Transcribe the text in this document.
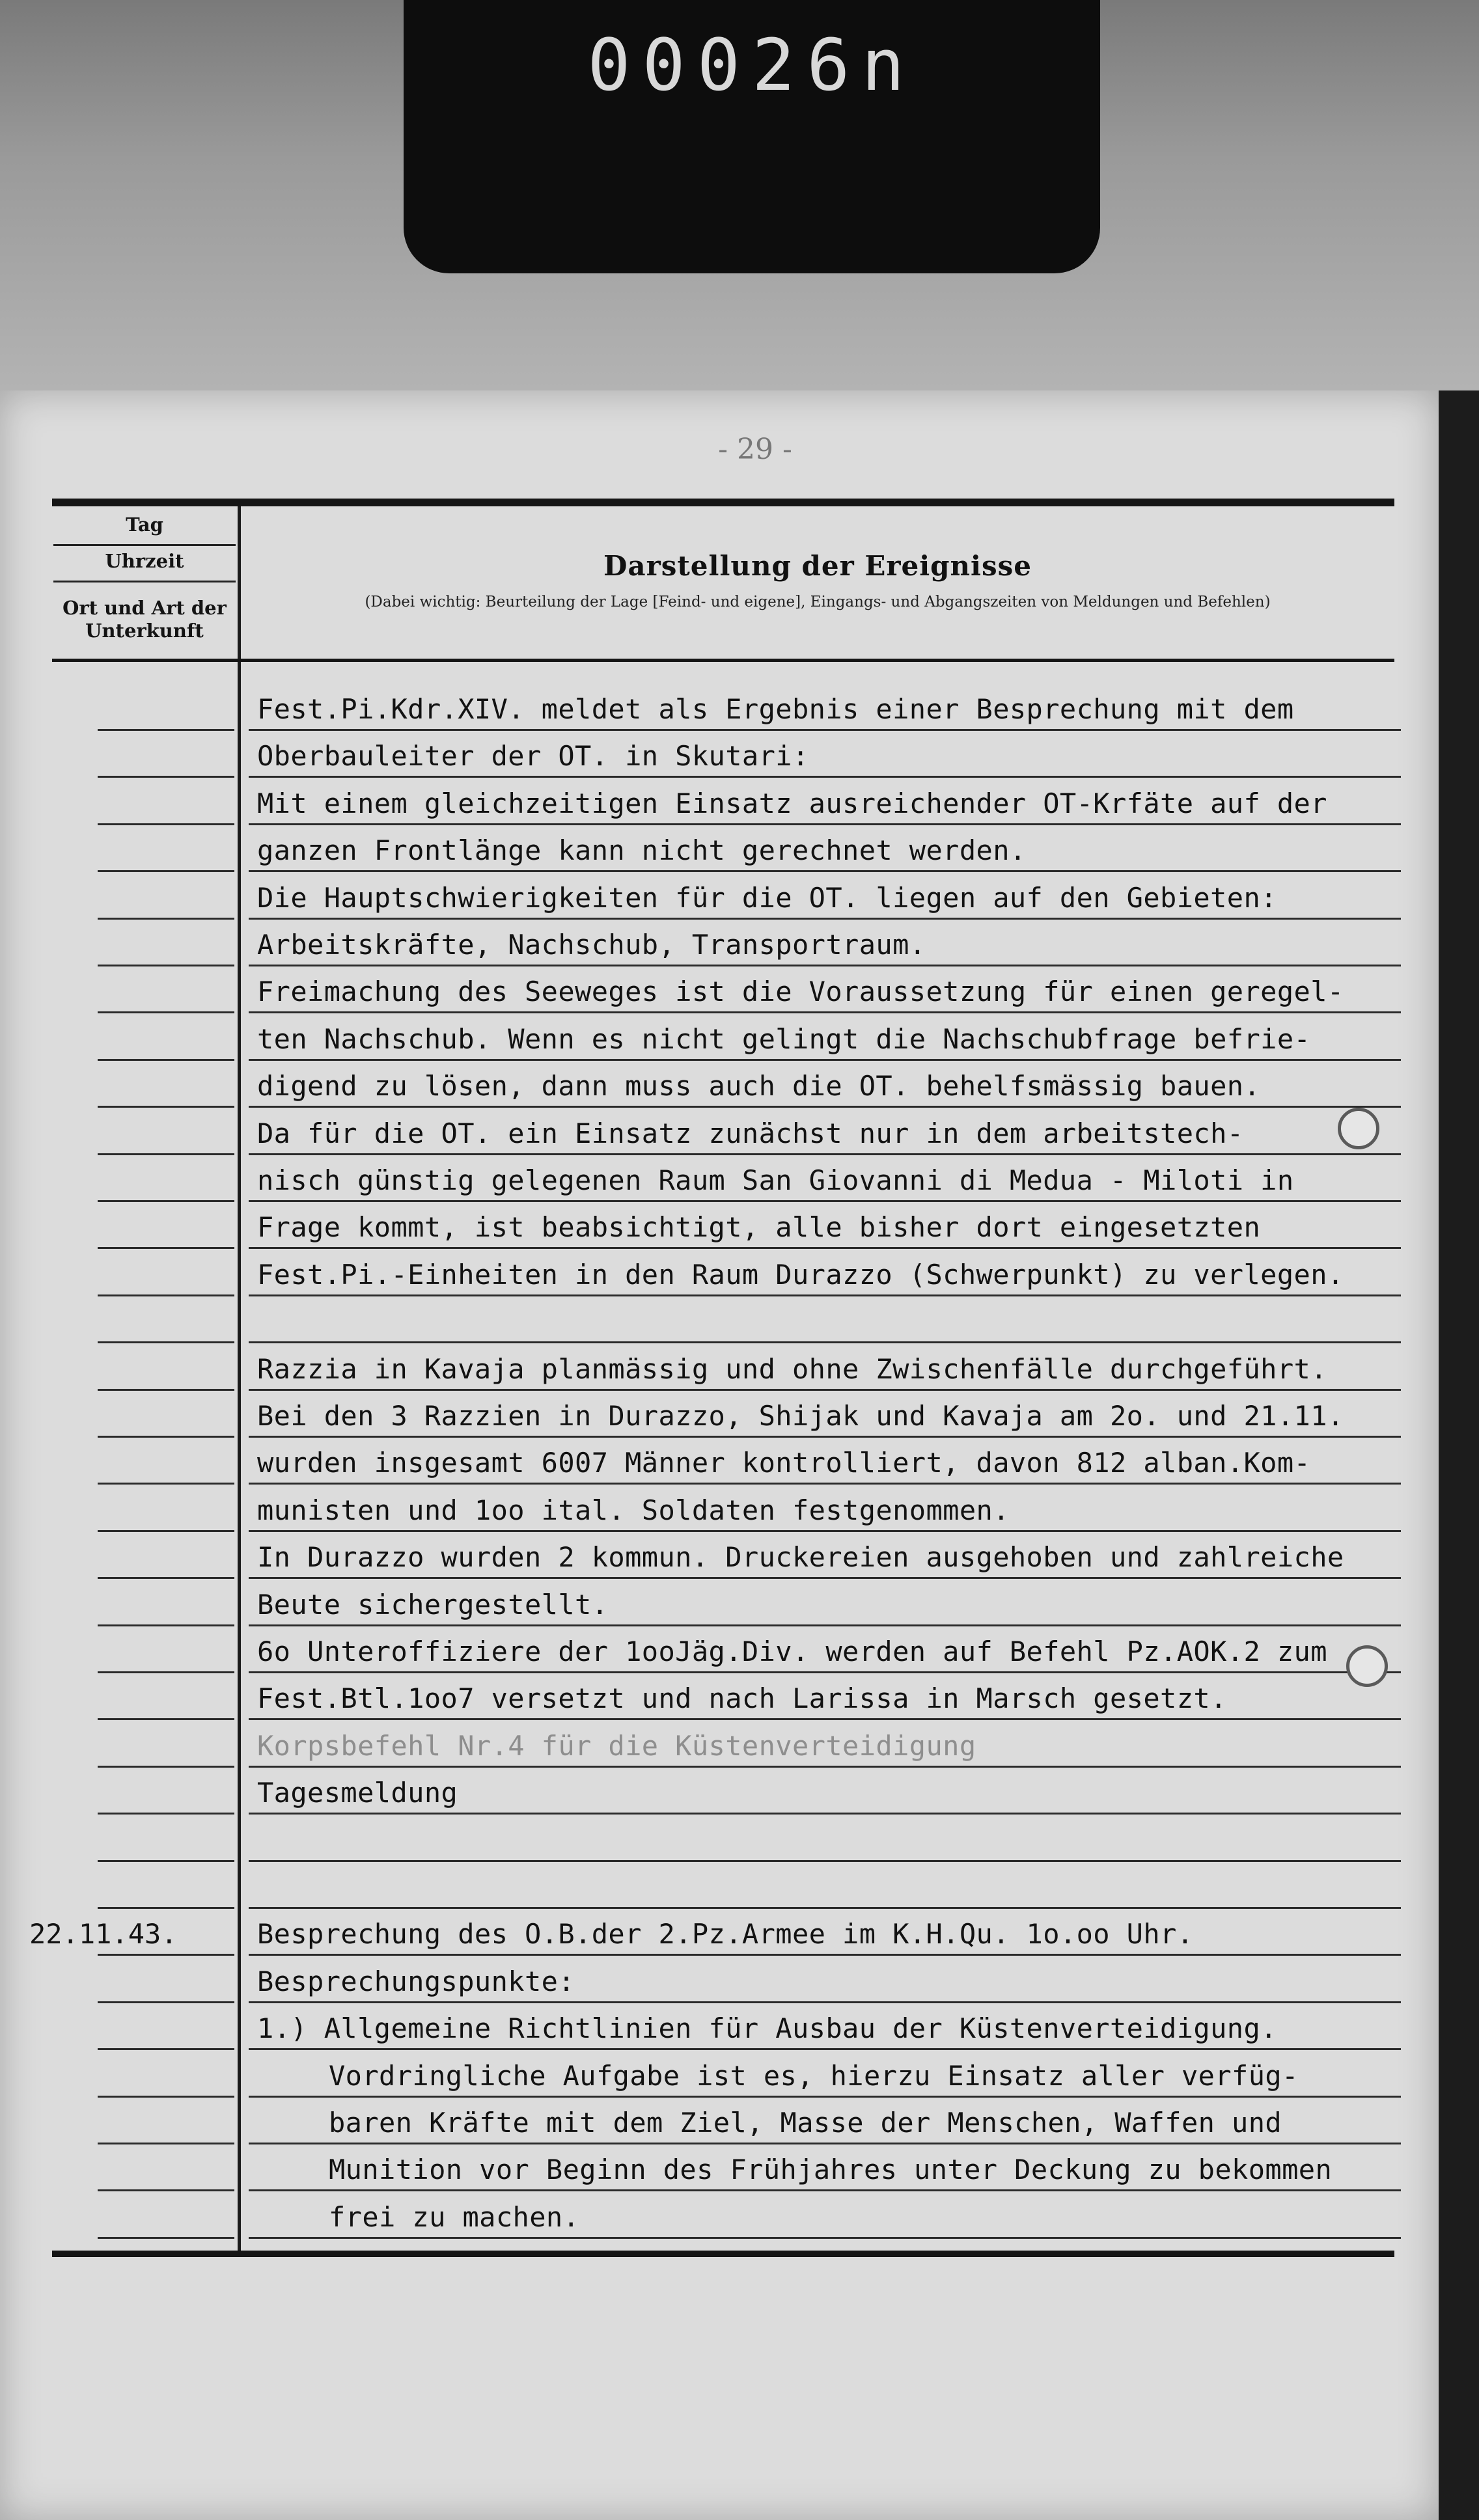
00026n
- 29 -
Tag
Uhrzeit
Ort und Art der
Unterkunft
Darstellung der Ereignisse
(Dabei wichtig: Beurteilung der Lage [Feind- und eigene], Eingangs- und Abgangszeiten von Meldungen und Befehlen)
Fest.Pi.Kdr.XIV. meldet als Ergebnis einer Besprechung mit dem
Oberbauleiter der OT. in Skutari:
Mit einem gleichzeitigen Einsatz ausreichender OT-Krfäte auf der
ganzen Frontlänge kann nicht gerechnet werden.
Die Hauptschwierigkeiten für die OT. liegen auf den Gebieten:
Arbeitskräfte, Nachschub, Transportraum.
Freimachung des Seeweges ist die Voraussetzung für einen geregel-
ten Nachschub. Wenn es nicht gelingt die Nachschubfrage befrie-
digend zu lösen, dann muss auch die OT. behelfsmässig bauen.
Da für die OT. ein Einsatz zunächst nur in dem arbeitstech-
nisch günstig gelegenen Raum San Giovanni di Medua - Miloti in
Frage kommt, ist beabsichtigt, alle bisher dort eingesetzten
Fest.Pi.-Einheiten in den Raum Durazzo (Schwerpunkt) zu verlegen.
Razzia in Kavaja planmässig und ohne Zwischenfälle durchgeführt.
Bei den 3 Razzien in Durazzo, Shijak und Kavaja am 2o. und 21.11.
wurden insgesamt 6007 Männer kontrolliert, davon 812 alban.Kom-
munisten und 1oo ital. Soldaten festgenommen.
In Durazzo wurden 2 kommun. Druckereien ausgehoben und zahlreiche
Beute sichergestellt.
6o Unteroffiziere der 1ooJäg.Div. werden auf Befehl Pz.AOK.2 zum
Fest.Btl.1oo7 versetzt und nach Larissa in Marsch gesetzt.
Korpsbefehl Nr.4 für die Küstenverteidigung
Tagesmeldung
22.11.43.	Besprechung des O.B.der 2.Pz.Armee im K.H.Qu. 1o.oo Uhr.
Besprechungspunkte:
1.) Allgemeine Richtlinien für Ausbau der Küstenverteidigung.
Vordringliche Aufgabe ist es, hierzu Einsatz aller verfüg-
baren Kräfte mit dem Ziel, Masse der Menschen, Waffen und
Munition vor Beginn des Frühjahres unter Deckung zu bekommen
frei zu machen.
